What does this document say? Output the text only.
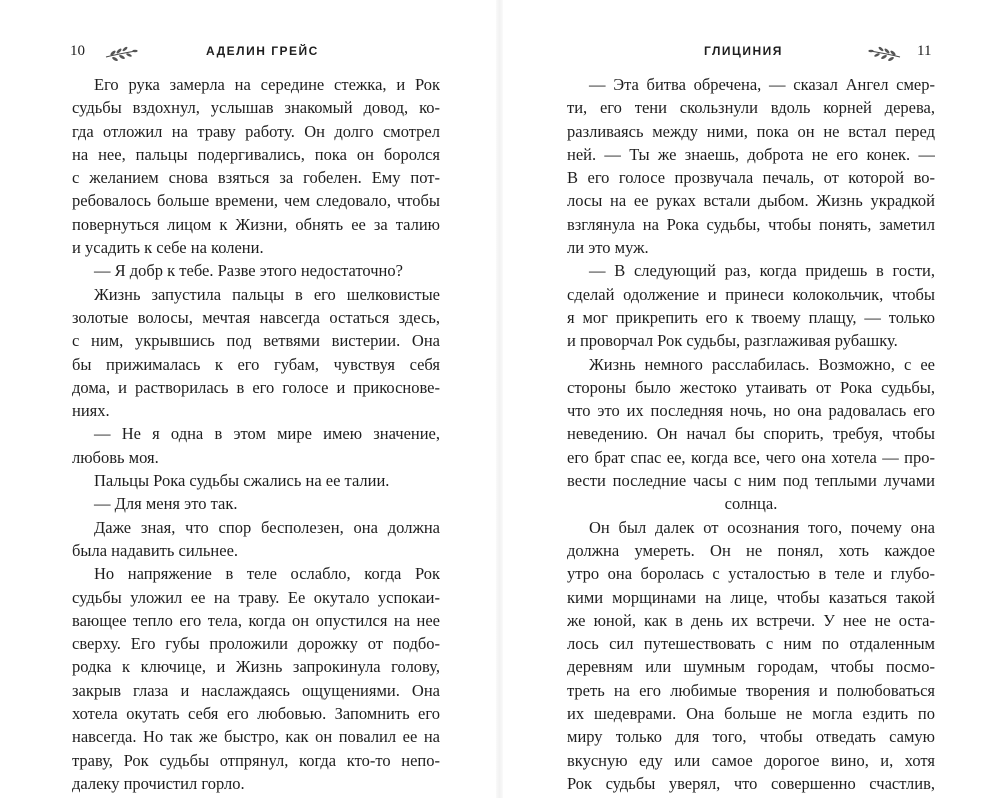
10	АДЕЛИН ГРЕЙС
Его рука замерла на середине стежка, и Рок
судьбы вздохнул, услышав знакомый довод, ко-
гда отложил на траву работу. Он долго смотрел
на нее, пальцы подергивались, пока он боролся
с желанием снова взяться за гобелен. Ему пот-
ребовалось больше времени, чем следовало, чтобы
повернуться лицом к Жизни, обнять ее за талию
и усадить к себе на колени.
— Я добр к тебе. Разве этого недостаточно?
Жизнь запустила пальцы в его шелковистые
золотые волосы, мечтая навсегда остаться здесь,
с ним, укрывшись под ветвями вистерии. Она
бы прижималась к его губам, чувствуя себя
дома, и растворилась в его голосе и прикоснове-
ниях.
— Не я одна в этом мире имею значение,
любовь моя.
Пальцы Рока судьбы сжались на ее талии.
— Для меня это так.
Даже зная, что спор бесполезен, она должна
была надавить сильнее.
Но напряжение в теле ослабло, когда Рок
судьбы уложил ее на траву. Ее окутало успокаи-
вающее тепло его тела, когда он опустился на нее
сверху. Его губы проложили дорожку от подбо-
родка к ключице, и Жизнь запрокинула голову,
закрыв глаза и наслаждаясь ощущениями. Она
хотела окутать себя его любовью. Запомнить его
навсегда. Но так же быстро, как он повалил ее на
траву, Рок судьбы отпрянул, когда кто-то непо-
далеку прочистил горло.
ГЛИЦИНИЯ	11
— Эта битва обречена, — сказал Ангел смер-
ти, его тени скользнули вдоль корней дерева,
разливаясь между ними, пока он не встал перед
ней. — Ты же знаешь, доброта не его конек. —
В его голосе прозвучала печаль, от которой во-
лосы на ее руках встали дыбом. Жизнь украдкой
взглянула на Рока судьбы, чтобы понять, заметил
ли это муж.
— В следующий раз, когда придешь в гости,
сделай одолжение и принеси колокольчик, чтобы
я мог прикрепить его к твоему плащу, — только
и проворчал Рок судьбы, разглаживая рубашку.
Жизнь немного расслабилась. Возможно, с ее
стороны было жестоко утаивать от Рока судьбы,
что это их последняя ночь, но она радовалась его
неведению. Он начал бы спорить, требуя, чтобы
его брат спас ее, когда все, чего она хотела — про-
вести последние часы с ним под теплыми лучами
солнца.
Он был далек от осознания того, почему она
должна умереть. Он не понял, хоть каждое
утро она боролась с усталостью в теле и глубо-
кими морщинами на лице, чтобы казаться такой
же юной, как в день их встречи. У нее не оста-
лось сил путешествовать с ним по отдаленным
деревням или шумным городам, чтобы посмо-
треть на его любимые творения и полюбоваться
их шедеврами. Она больше не могла ездить по
миру только для того, чтобы отведать самую
вкусную еду или самое дорогое вино, и, хотя
Рок судьбы уверял, что совершенно счастлив,
